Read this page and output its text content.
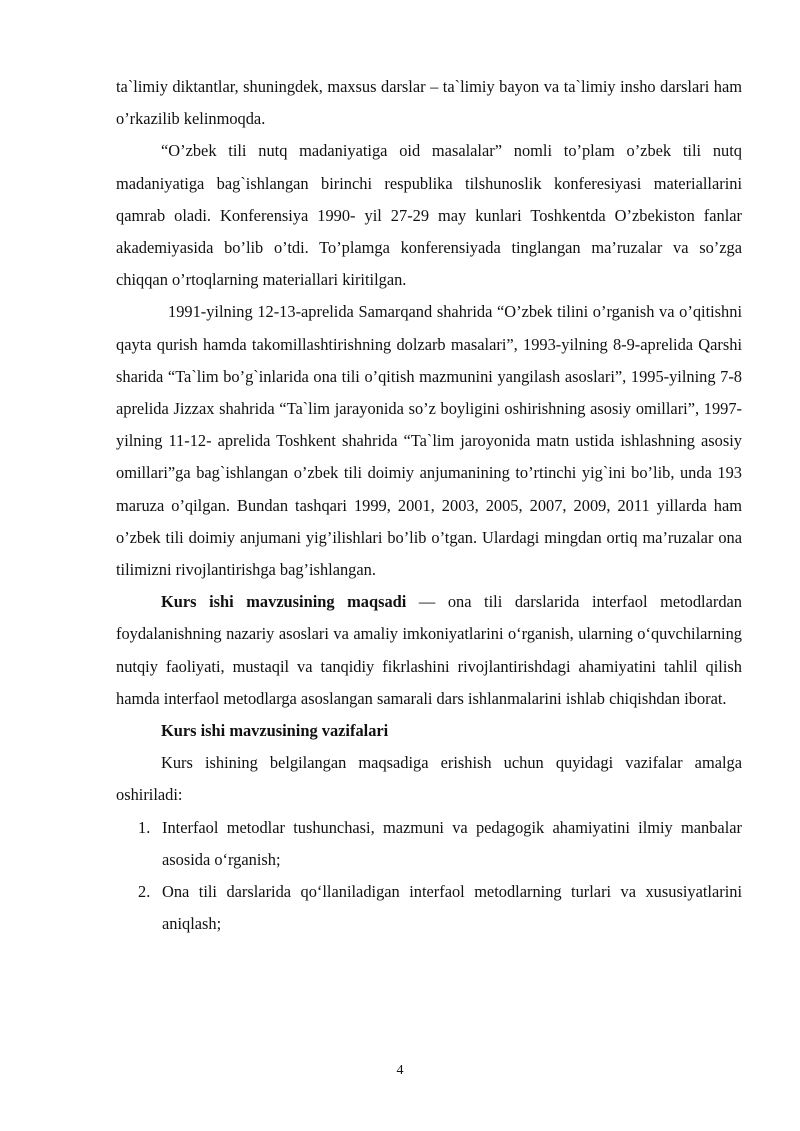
ta`limiy diktantlar, shuningdek, maxsus darslar – ta`limiy bayon va ta`limiy insho darslari ham o’rkazilib kelinmoqda.

“O’zbek tili nutq madaniyatiga oid masalalar” nomli to’plam o’zbek tili nutq madaniyatiga bag`ishlangan birinchi respublika tilshunoslik konferesiyasi materiallarini qamrab oladi. Konferensiya 1990- yil 27-29 may kunlari Toshkentda O’zbekiston fanlar akademiyasida bo’lib o’tdi. To’plamga konferensiyada tinglangan ma’ruzalar va so’zga chiqqan o’rtoqlarning materiallari kiritilgan.

1991-yilning 12-13-aprelida Samarqand shahrida “O’zbek tilini o’rganish va o’qitishni qayta qurish hamda takomillashtirishning dolzarb masalari”, 1993-yilning 8-9-aprelida Qarshi sharida “Ta`lim bo’g`inlarida ona tili o’qitish mazmunini yangilash asoslari”, 1995-yilning 7-8 aprelida Jizzax shahrida “Ta`lim jarayonida so’z boyligini oshirishning asosiy omillari”, 1997-yilning 11-12- aprelida Toshkent shahrida “Ta`lim jaroyonida matn ustida ishlashning asosiy omillari”ga bag`ishlangan o’zbek tili doimiy anjumanining to’rtinchi yig`ini bo’lib, unda 193 maruza o’qilgan. Bundan tashqari 1999, 2001, 2003, 2005, 2007, 2009, 2011 yillarda ham o’zbek tili doimiy anjumani yig’ilishlari bo’lib o’tgan. Ulardagi mingdan ortiq ma’ruzalar ona tilimizni rivojlantirishga bag’ishlangan.

Kurs ishi mavzusining maqsadi — ona tili darslarida interfaol metodlardan foydalanishning nazariy asoslari va amaliy imkoniyatlarini o‘rganish, ularning o‘quvchilarning nutqiy faoliyati, mustaqil va tanqidiy fikrlashini rivojlantirishdagi ahamiyatini tahlil qilish hamda interfaol metodlarga asoslangan samarali dars ishlanmalarini ishlab chiqishdan iborat.

Kurs ishi mavzusining vazifalari

Kurs ishining belgilangan maqsadiga erishish uchun quyidagi vazifalar amalga oshiriladi:

1. Interfaol metodlar tushunchasi, mazmuni va pedagogik ahamiyatini ilmiy manbalar asosida o‘rganish;
2. Ona tili darslarida qo‘llaniladigan interfaol metodlarning turlari va xususiyatlarini aniqlash;
4
